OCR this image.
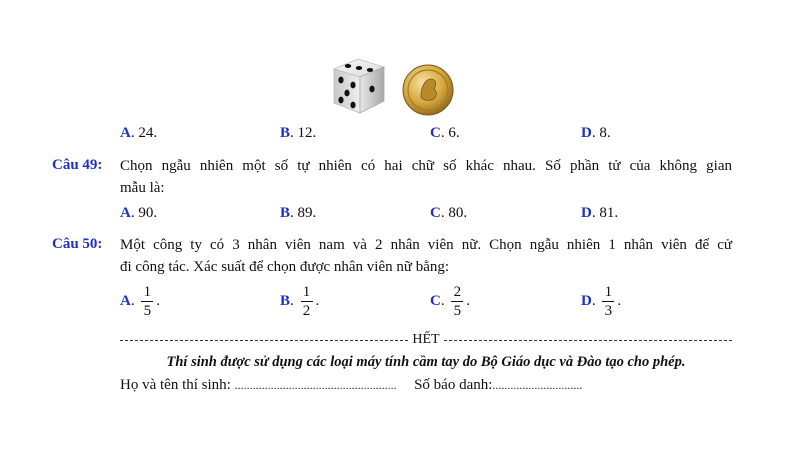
A. 24.	B. 12.	C. 6.	D. 8.
Câu 49: Chọn ngẫu nhiên một số tự nhiên có hai chữ số khác nhau. Số phần tử của không gian
mẫu là:
A. 90.	B. 89.	C. 80.	D. 81.
Câu 50: Một công ty có 3 nhân viên nam và 2 nhân viên nữ. Chọn ngẫu nhiên 1 nhân viên để cử
đi công tác. Xác suất để chọn được nhân viên nữ bằng:
A. $\frac{1}{5}$ .	B. $\frac{1}{2}$ .	C. $\frac{2}{5}$ .	D. $\frac{1}{3}$ .
HẾT
Thí sinh được sử dụng các loại máy tính cầm tay do Bộ Giáo dục và Đào tạo cho phép.
Họ và tên thí sinh: ...................................................... Số báo danh:..............................
